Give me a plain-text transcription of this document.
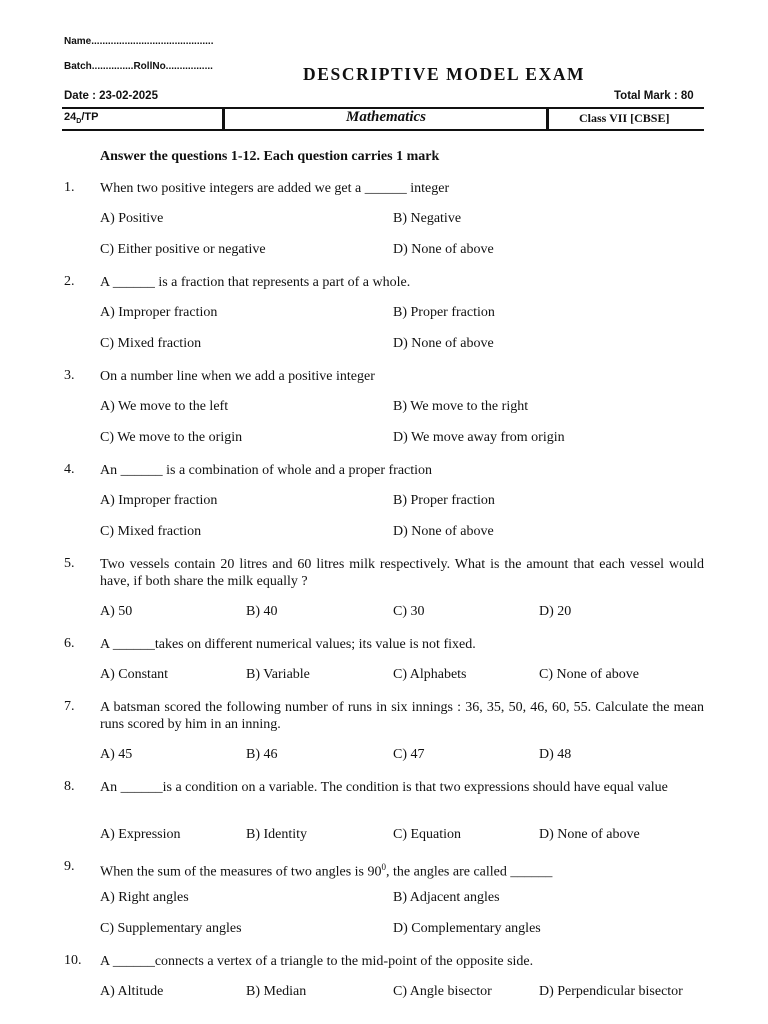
Name............................................
Batch...............RollNo.................	DESCRIPTIVE MODEL EXAM
Date : 23-02-2025	Total Mark : 80
$24_D/TP$	Mathematics	Class VII [CBSE]
Answer the questions 1-12. Each question carries 1 mark
1. When two positive integers are added we get a ______ integer
A) Positive	B) Negative
C) Either positive or negative	D) None of above
2. A ______ is a fraction that represents a part of a whole.
A) Improper fraction	B) Proper fraction
C) Mixed fraction	D) None of above
3. On a number line when we add a positive integer
A) We move to the left	B) We move to the right
C) We move to the origin	D) We move away from origin
4. An ______ is a combination of whole and a proper fraction
A) Improper fraction	B) Proper fraction
C) Mixed fraction	D) None of above
5. Two vessels contain 20 litres and 60 litres milk respectively. What is the amount that each vessel would have, if both share the milk equally ?
A) 50	B) 40	C) 30	D) 20
6. A ______takes on different numerical values; its value is not fixed.
A) Constant	B) Variable	C) Alphabets	C) None of above
7. A batsman scored the following number of runs in six innings : 36, 35, 50, 46, 60, 55. Calculate the mean runs scored by him in an inning.
A) 45	B) 46	C) 47	D) 48
8. An ______is a condition on a variable. The condition is that two expressions should have equal value
A) Expression	B) Identity	C) Equation	D) None of above
9. When the sum of the measures of two angles is $90^0$, the angles are called ______
A) Right angles	B) Adjacent angles
C) Supplementary angles	D) Complementary angles
10. A ______connects a vertex of a triangle to the mid-point of the opposite side.
A) Altitude	B) Median	C) Angle bisector	D) Perpendicular bisector
